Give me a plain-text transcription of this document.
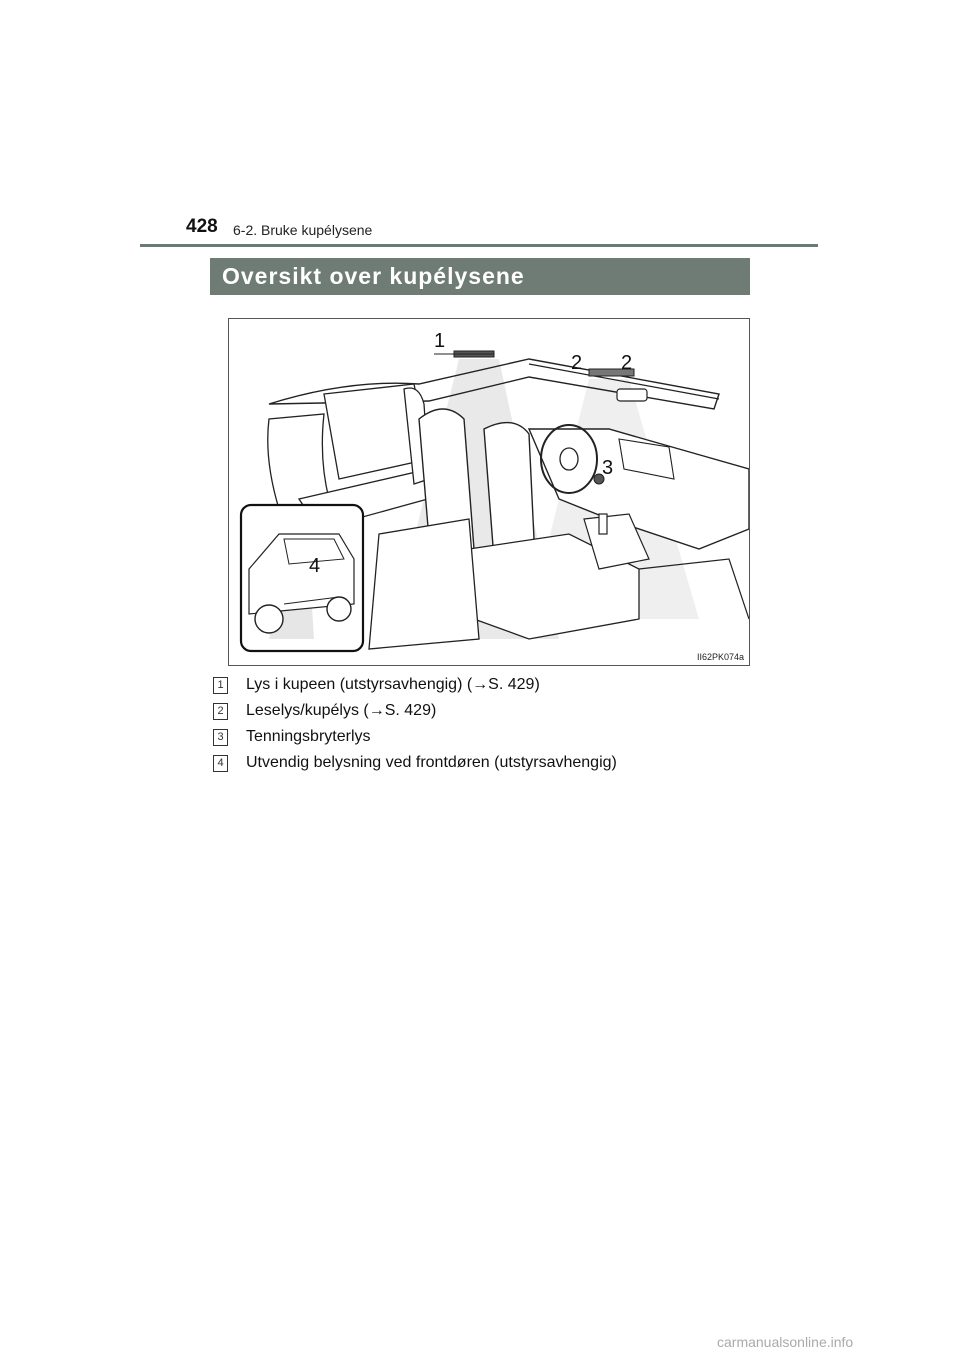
428 6-2. Bruke kupélysene
Oversikt over kupélysene
1
2 2
3
4
II62PK074a
1 Lys i kupeen (utstyrsavhengig) (→S. 429)
2 Leselys/kupélys (→S. 429)
3 Tenningsbryterlys
4 Utvendig belysning ved frontdøren (utstyrsavhengig)
carmanualsonline.info
